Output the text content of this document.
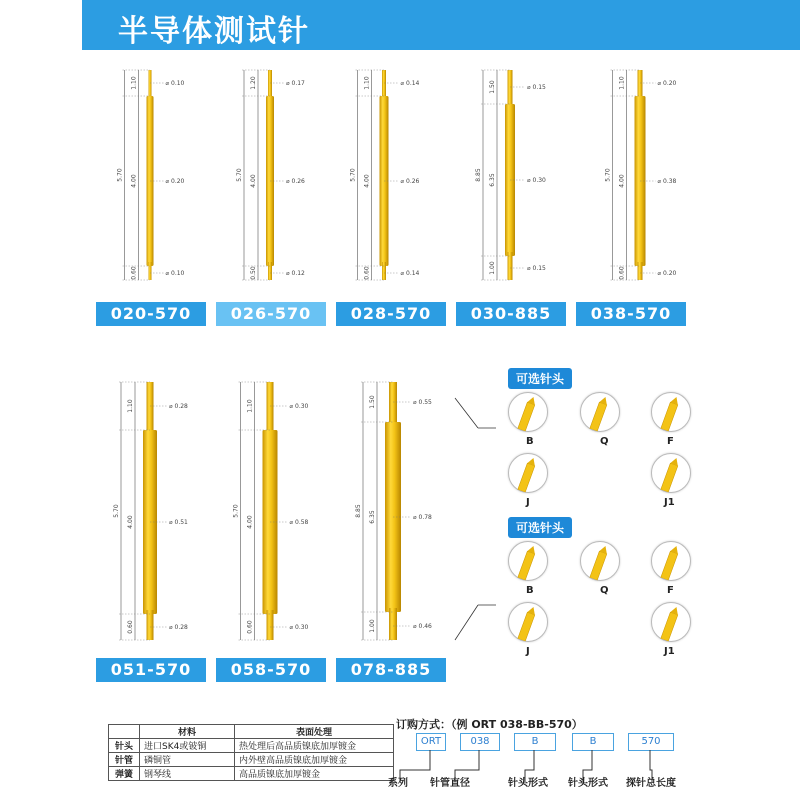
半导体测试针
1.10
4.00
0.60
5.70
⌀ 0.10
⌀ 0.20
⌀ 0.10
1.20
4.00
0.50
5.70
⌀ 0.17
⌀ 0.26
⌀ 0.12
1.10
4.00
0.60
5.70
⌀ 0.14
⌀ 0.26
⌀ 0.14
1.50
6.35
1.00
8.85
⌀ 0.15
⌀ 0.30
⌀ 0.15
1.10
4.00
0.60
5.70
⌀ 0.20
⌀ 0.38
⌀ 0.20
1.10
4.00
0.60
5.70
⌀ 0.28
⌀ 0.51
⌀ 0.28
1.10
4.00
0.60
5.70
⌀ 0.30
⌀ 0.58
⌀ 0.30
1.50
6.35
1.00
8.85
⌀ 0.55
⌀ 0.78
⌀ 0.46
020-570	026-570	028-570	030-885	038-570
051-570	058-570	078-885
可选针头
可选针头
B	Q	F
J	J1
B	Q	F
J	J1
	材料	表面处理
针头	进口SK4或铍铜	热处理后高品质镍底加厚镀金
针管	磷铜管	内外壁高品质镍底加厚镀金
弹簧	钢琴线	高品质镍底加厚镀金
订购方式：（例 ORT 038-BB-570）
ORT	038	B	B	570
系列 针管直径	针头形式 针头形式 探针总长度
